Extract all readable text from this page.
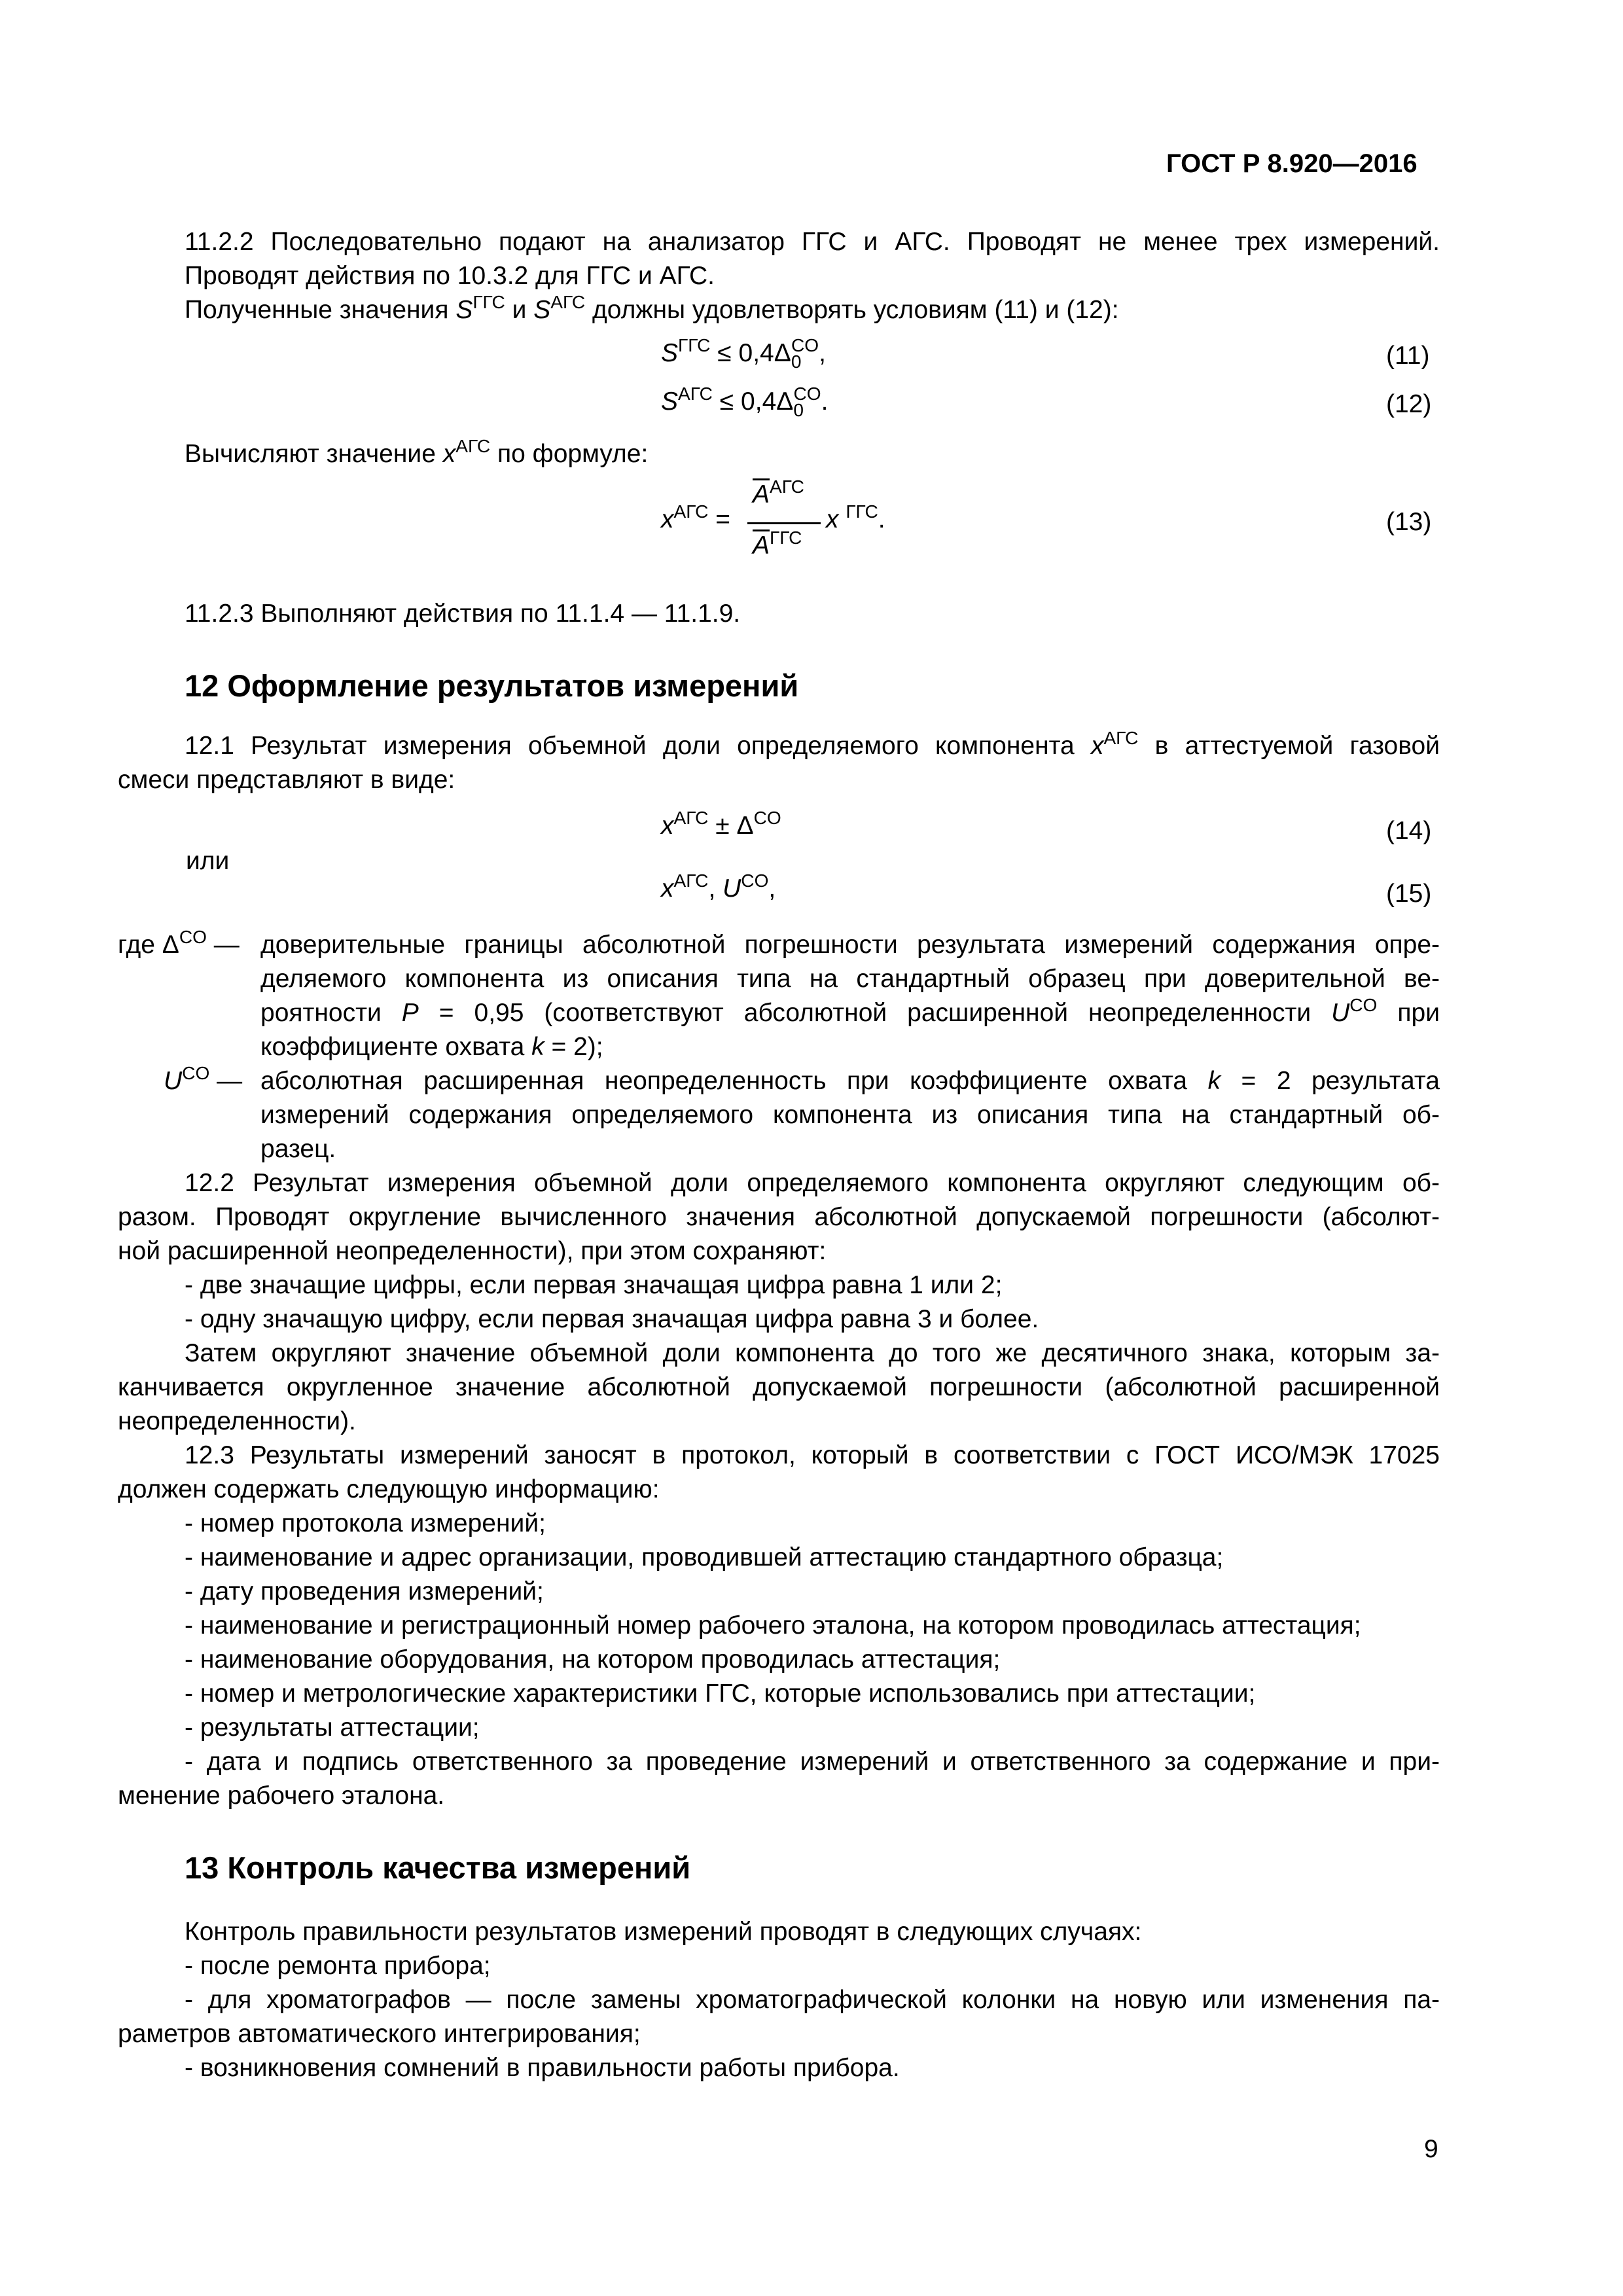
ГОСТ Р 8.920—2016
11.2.2 Последовательно подают на анализатор ГГС и АГС. Проводят не менее трех измерений.
Проводят действия по 10.3.2 для ГГС и АГС.
Полученные значения $S^{ГГС}$ и $S^{АГС}$ должны удовлетворять условиям (11) и (12):
$S^{ГГС} \le 0,4\Delta_0^{CO}$,	(11)
$S^{АГС} \le 0,4\Delta_0^{CO}$.	(12)
Вычисляют значение $x^{АГС}$ по формуле:
$x^{АГС}$ =
$\overline{A}^{АГС}$
$\overline{A}^{ГГС}$
x $^{ГГС}$.	(13)
11.2.3 Выполняют действия по 11.1.4 — 11.1.9.
12 Оформление результатов измерений
12.1 Результат измерения объемной доли определяемого компонента $x^{АГС}$ в аттестуемой газовой
смеси представляют в виде:
$x^{АГС} \pm \Delta^{CO}$	(14)
или
$x^{АГС}$, $U^{CO}$,	(15)
где $\Delta^{CO}$ — доверительные границы абсолютной погрешности результата измерений содержания опре-
деляемого компонента из описания типа на стандартный образец при доверительной ве-
роятности P = 0,95 (соответствуют абсолютной расширенной неопределенности $U^{CO}$ при
коэффициенте охвата k = 2);
$U^{CO}$ — абсолютная расширенная неопределенность при коэффициенте охвата k = 2 результата
измерений содержания определяемого компонента из описания типа на стандартный об-
разец.
12.2 Результат измерения объемной доли определяемого компонента округляют следующим об-
разом. Проводят округление вычисленного значения абсолютной допускаемой погрешности (абсолют-
ной расширенной неопределенности), при этом сохраняют:
- две значащие цифры, если первая значащая цифра равна 1 или 2;
- одну значащую цифру, если первая значащая цифра равна 3 и более.
Затем округляют значение объемной доли компонента до того же десятичного знака, которым за-
канчивается округленное значение абсолютной допускаемой погрешности (абсолютной расширенной
неопределенности).
12.3 Результаты измерений заносят в протокол, который в соответствии с ГОСТ ИСО/МЭК 17025
должен содержать следующую информацию:
- номер протокола измерений;
- наименование и адрес организации, проводившей аттестацию стандартного образца;
- дату проведения измерений;
- наименование и регистрационный номер рабочего эталона, на котором проводилась аттестация;
- наименование оборудования, на котором проводилась аттестация;
- номер и метрологические характеристики ГГС, которые использовались при аттестации;
- результаты аттестации;
- дата и подпись ответственного за проведение измерений и ответственного за содержание и при-
менение рабочего эталона.
13 Контроль качества измерений
Контроль правильности результатов измерений проводят в следующих случаях:
- после ремонта прибора;
- для хроматографов — после замены хроматографической колонки на новую или изменения па-
раметров автоматического интегрирования;
- возникновения сомнений в правильности работы прибора.
9
